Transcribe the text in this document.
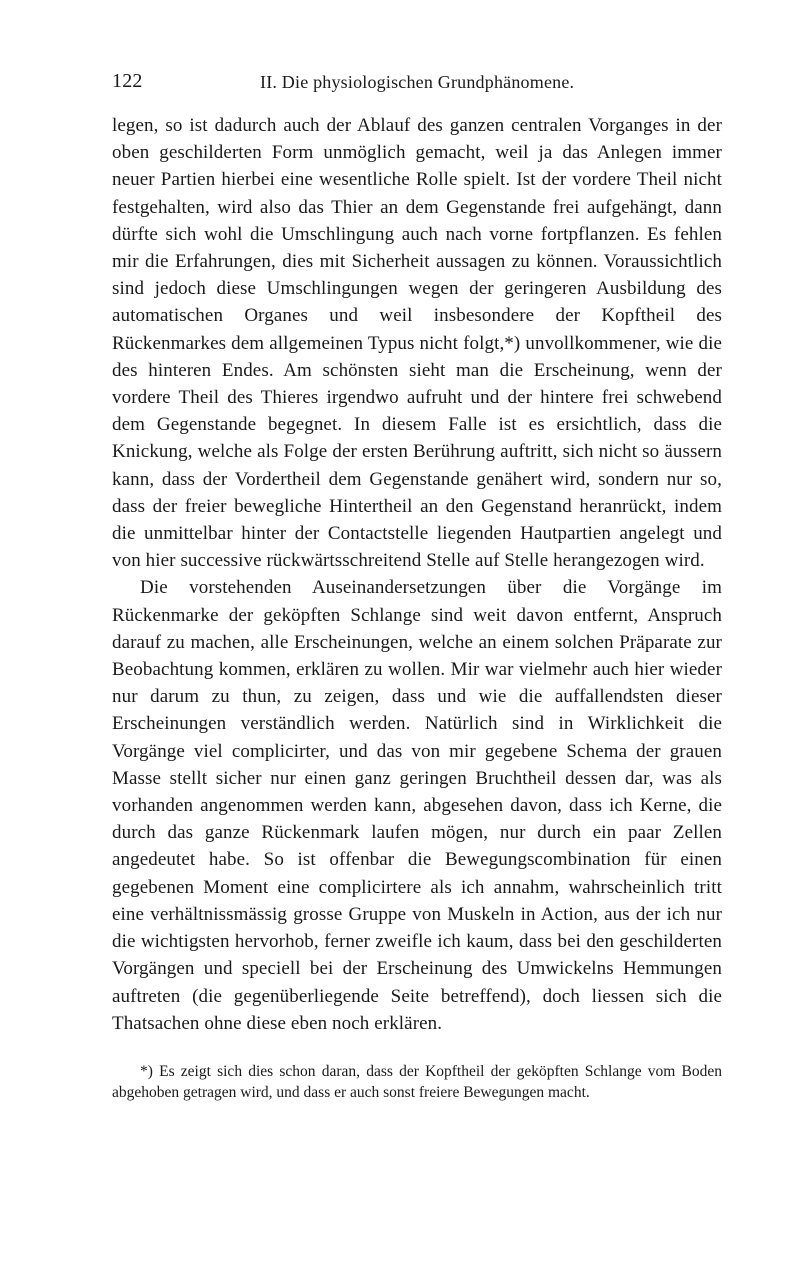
122	II. Die physiologischen Grundphänomene.

legen, so ist dadurch auch der Ablauf des ganzen centralen Vorganges in der oben geschilderten Form unmöglich gemacht, weil ja das Anlegen immer neuer Partien hierbei eine wesentliche Rolle spielt. Ist der vordere Theil nicht festgehalten, wird also das Thier an dem Gegenstande frei aufgehängt, dann dürfte sich wohl die Umschlingung auch nach vorne fortpflanzen. Es fehlen mir die Erfahrungen, dies mit Sicherheit aussagen zu können. Voraussichtlich sind jedoch diese Umschlingungen wegen der geringeren Ausbildung des automatischen Organes und weil insbesondere der Kopftheil des Rückenmarkes dem allgemeinen Typus nicht folgt,*) unvollkommener, wie die des hinteren Endes. Am schönsten sieht man die Erscheinung, wenn der vordere Theil des Thieres irgendwo aufruht und der hintere frei schwebend dem Gegenstande begegnet. In diesem Falle ist es ersichtlich, dass die Knickung, welche als Folge der ersten Berührung auftritt, sich nicht so äussern kann, dass der Vordertheil dem Gegenstande genähert wird, sondern nur so, dass der freier bewegliche Hintertheil an den Gegenstand heranrückt, indem die unmittelbar hinter der Contactstelle liegenden Hautpartien angelegt und von hier successive rückwärtsschreitend Stelle auf Stelle herangezogen wird.

Die vorstehenden Auseinandersetzungen über die Vorgänge im Rückenmarke der geköpften Schlange sind weit davon entfernt, Anspruch darauf zu machen, alle Erscheinungen, welche an einem solchen Präparate zur Beobachtung kommen, erklären zu wollen. Mir war vielmehr auch hier wieder nur darum zu thun, zu zeigen, dass und wie die auffallendsten dieser Erscheinungen verständlich werden. Natürlich sind in Wirklichkeit die Vorgänge viel complicirter, und das von mir gegebene Schema der grauen Masse stellt sicher nur einen ganz geringen Bruchtheil dessen dar, was als vorhanden angenommen werden kann, abgesehen davon, dass ich Kerne, die durch das ganze Rückenmark laufen mögen, nur durch ein paar Zellen angedeutet habe. So ist offenbar die Bewegungscombination für einen gegebenen Moment eine complicirtere als ich annahm, wahrscheinlich tritt eine verhältnissmässig grosse Gruppe von Muskeln in Action, aus der ich nur die wichtigsten hervorhob, ferner zweifle ich kaum, dass bei den geschilderten Vorgängen und speciell bei der Erscheinung des Umwickelns Hemmungen auftreten (die gegenüberliegende Seite betreffend), doch liessen sich die Thatsachen ohne diese eben noch erklären.

*) Es zeigt sich dies schon daran, dass der Kopftheil der geköpften Schlange vom Boden abgehoben getragen wird, und dass er auch sonst freiere Bewegungen macht.
